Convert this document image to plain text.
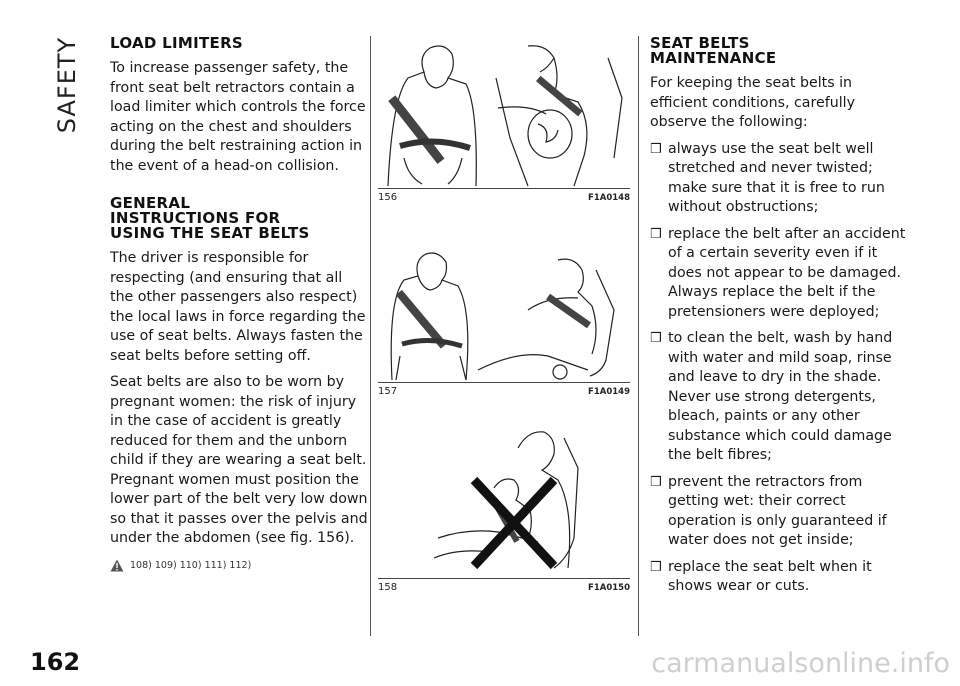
SAFETY LOAD LIMITERS

To increase passenger safety, the front seat belt retractors contain a load limiter which controls the force acting on the chest and shoulders during the belt restraining action in the event of a head-on collision.

GENERAL
INSTRUCTIONS FOR
USING THE SEAT BELTS

The driver is responsible for respecting (and ensuring that all the other passengers also respect) the local laws in force regarding the use of seat belts. Always fasten the seat belts before setting off.

Seat belts are also to be worn by pregnant women: the risk of injury in the case of accident is greatly reduced for them and the unborn child if they are wearing a seat belt. Pregnant women must position the lower part of the belt very low down so that it passes over the pelvis and under the abdomen (see fig. 156).

108) 109) 110) 111) 112)
156	F1A0148
157	F1A0149
158	F1A0150
SEAT BELTS
MAINTENANCE

For keeping the seat belts in efficient conditions, carefully observe the following:

❒ always use the seat belt well stretched and never twisted; make sure that it is free to run without obstructions;
❒ replace the belt after an accident of a certain severity even if it does not appear to be damaged. Always replace the belt if the pretensioners were deployed;
❒ to clean the belt, wash by hand with water and mild soap, rinse and leave to dry in the shade. Never use strong detergents, bleach, paints or any other substance which could damage the belt fibres;
❒ prevent the retractors from getting wet: their correct operation is only guaranteed if water does not get inside;
❒ replace the seat belt when it shows wear or cuts.
162	carmanualsonline.info
